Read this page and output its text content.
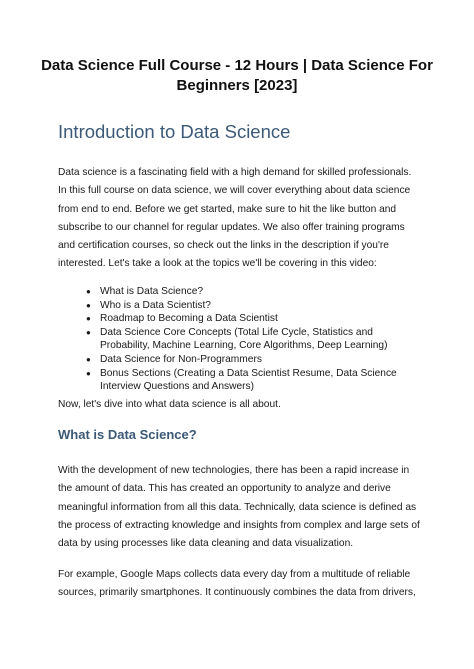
Data Science Full Course - 12 Hours | Data Science For Beginners [2023]
Introduction to Data Science
Data science is a fascinating field with a high demand for skilled professionals. In this full course on data science, we will cover everything about data science from end to end. Before we get started, make sure to hit the like button and subscribe to our channel for regular updates. We also offer training programs and certification courses, so check out the links in the description if you're interested. Let's take a look at the topics we'll be covering in this video:
● What is Data Science?
● Who is a Data Scientist?
● Roadmap to Becoming a Data Scientist
● Data Science Core Concepts (Total Life Cycle, Statistics and Probability, Machine Learning, Core Algorithms, Deep Learning)
● Data Science for Non-Programmers
● Bonus Sections (Creating a Data Scientist Resume, Data Science Interview Questions and Answers)
Now, let's dive into what data science is all about.
What is Data Science?
With the development of new technologies, there has been a rapid increase in the amount of data. This has created an opportunity to analyze and derive meaningful information from all this data. Technically, data science is defined as the process of extracting knowledge and insights from complex and large sets of data by using processes like data cleaning and data visualization.
For example, Google Maps collects data every day from a multitude of reliable sources, primarily smartphones. It continuously combines the data from drivers,
